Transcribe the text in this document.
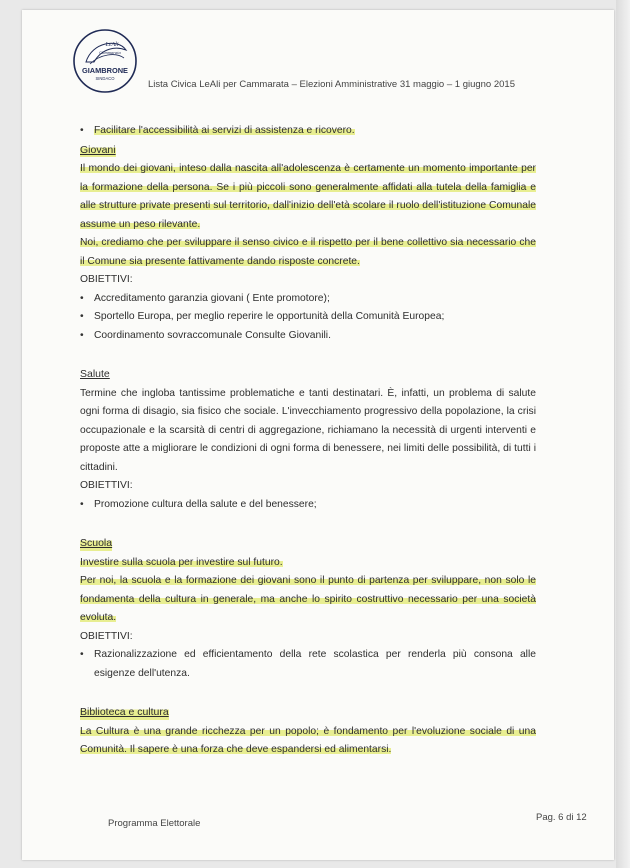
LeAli
Cammarata
GIAMBRONE
SINDACO
Lista Civica LeAli per Cammarata – Elezioni Amministrative 31 maggio – 1 giugno 2015
• Facilitare l'accessibilità ai servizi di assistenza e ricovero.
Giovani

Il mondo dei giovani, inteso dalla nascita all'adolescenza è certamente un momento importante per la formazione della persona. Se i più piccoli sono generalmente affidati alla tutela della famiglia e alle strutture private presenti sul territorio, dall'inizio dell'età scolare il ruolo dell'istituzione Comunale assume un peso rilevante.

Noi, crediamo che per sviluppare il senso civico e il rispetto per il bene collettivo sia necessario che il Comune sia presente fattivamente dando risposte concrete.

OBIETTIVI:

• Accreditamento garanzia giovani ( Ente promotore);
• Sportello Europa, per meglio reperire le opportunità della Comunità Europea;
• Coordinamento sovraccomunale Consulte Giovanili.
Salute

Termine che ingloba tantissime problematiche e tanti destinatari. È, infatti, un problema di salute ogni forma di disagio, sia fisico che sociale. L'invecchiamento progressivo della popolazione, la crisi occupazionale e la scarsità di centri di aggregazione, richiamano la necessità di urgenti interventi e proposte atte a migliorare le condizioni di ogni forma di benessere, nei limiti delle possibilità, di tutti i cittadini.

OBIETTIVI:

• Promozione cultura della salute e del benessere;
Scuola

Investire sulla scuola per investire sul futuro.

Per noi, la scuola e la formazione dei giovani sono il punto di partenza per sviluppare, non solo le fondamenta della cultura in generale, ma anche lo spirito costruttivo necessario per una società evoluta.

OBIETTIVI:

• Razionalizzazione ed efficientamento della rete scolastica per renderla più consona alle esigenze dell'utenza.
Biblioteca e cultura

La Cultura è una grande ricchezza per un popolo; è fondamento per l'evoluzione sociale di una Comunità. Il sapere è una forza che deve espandersi ed alimentarsi.

Programma Elettorale
Pag. 6 di 12
